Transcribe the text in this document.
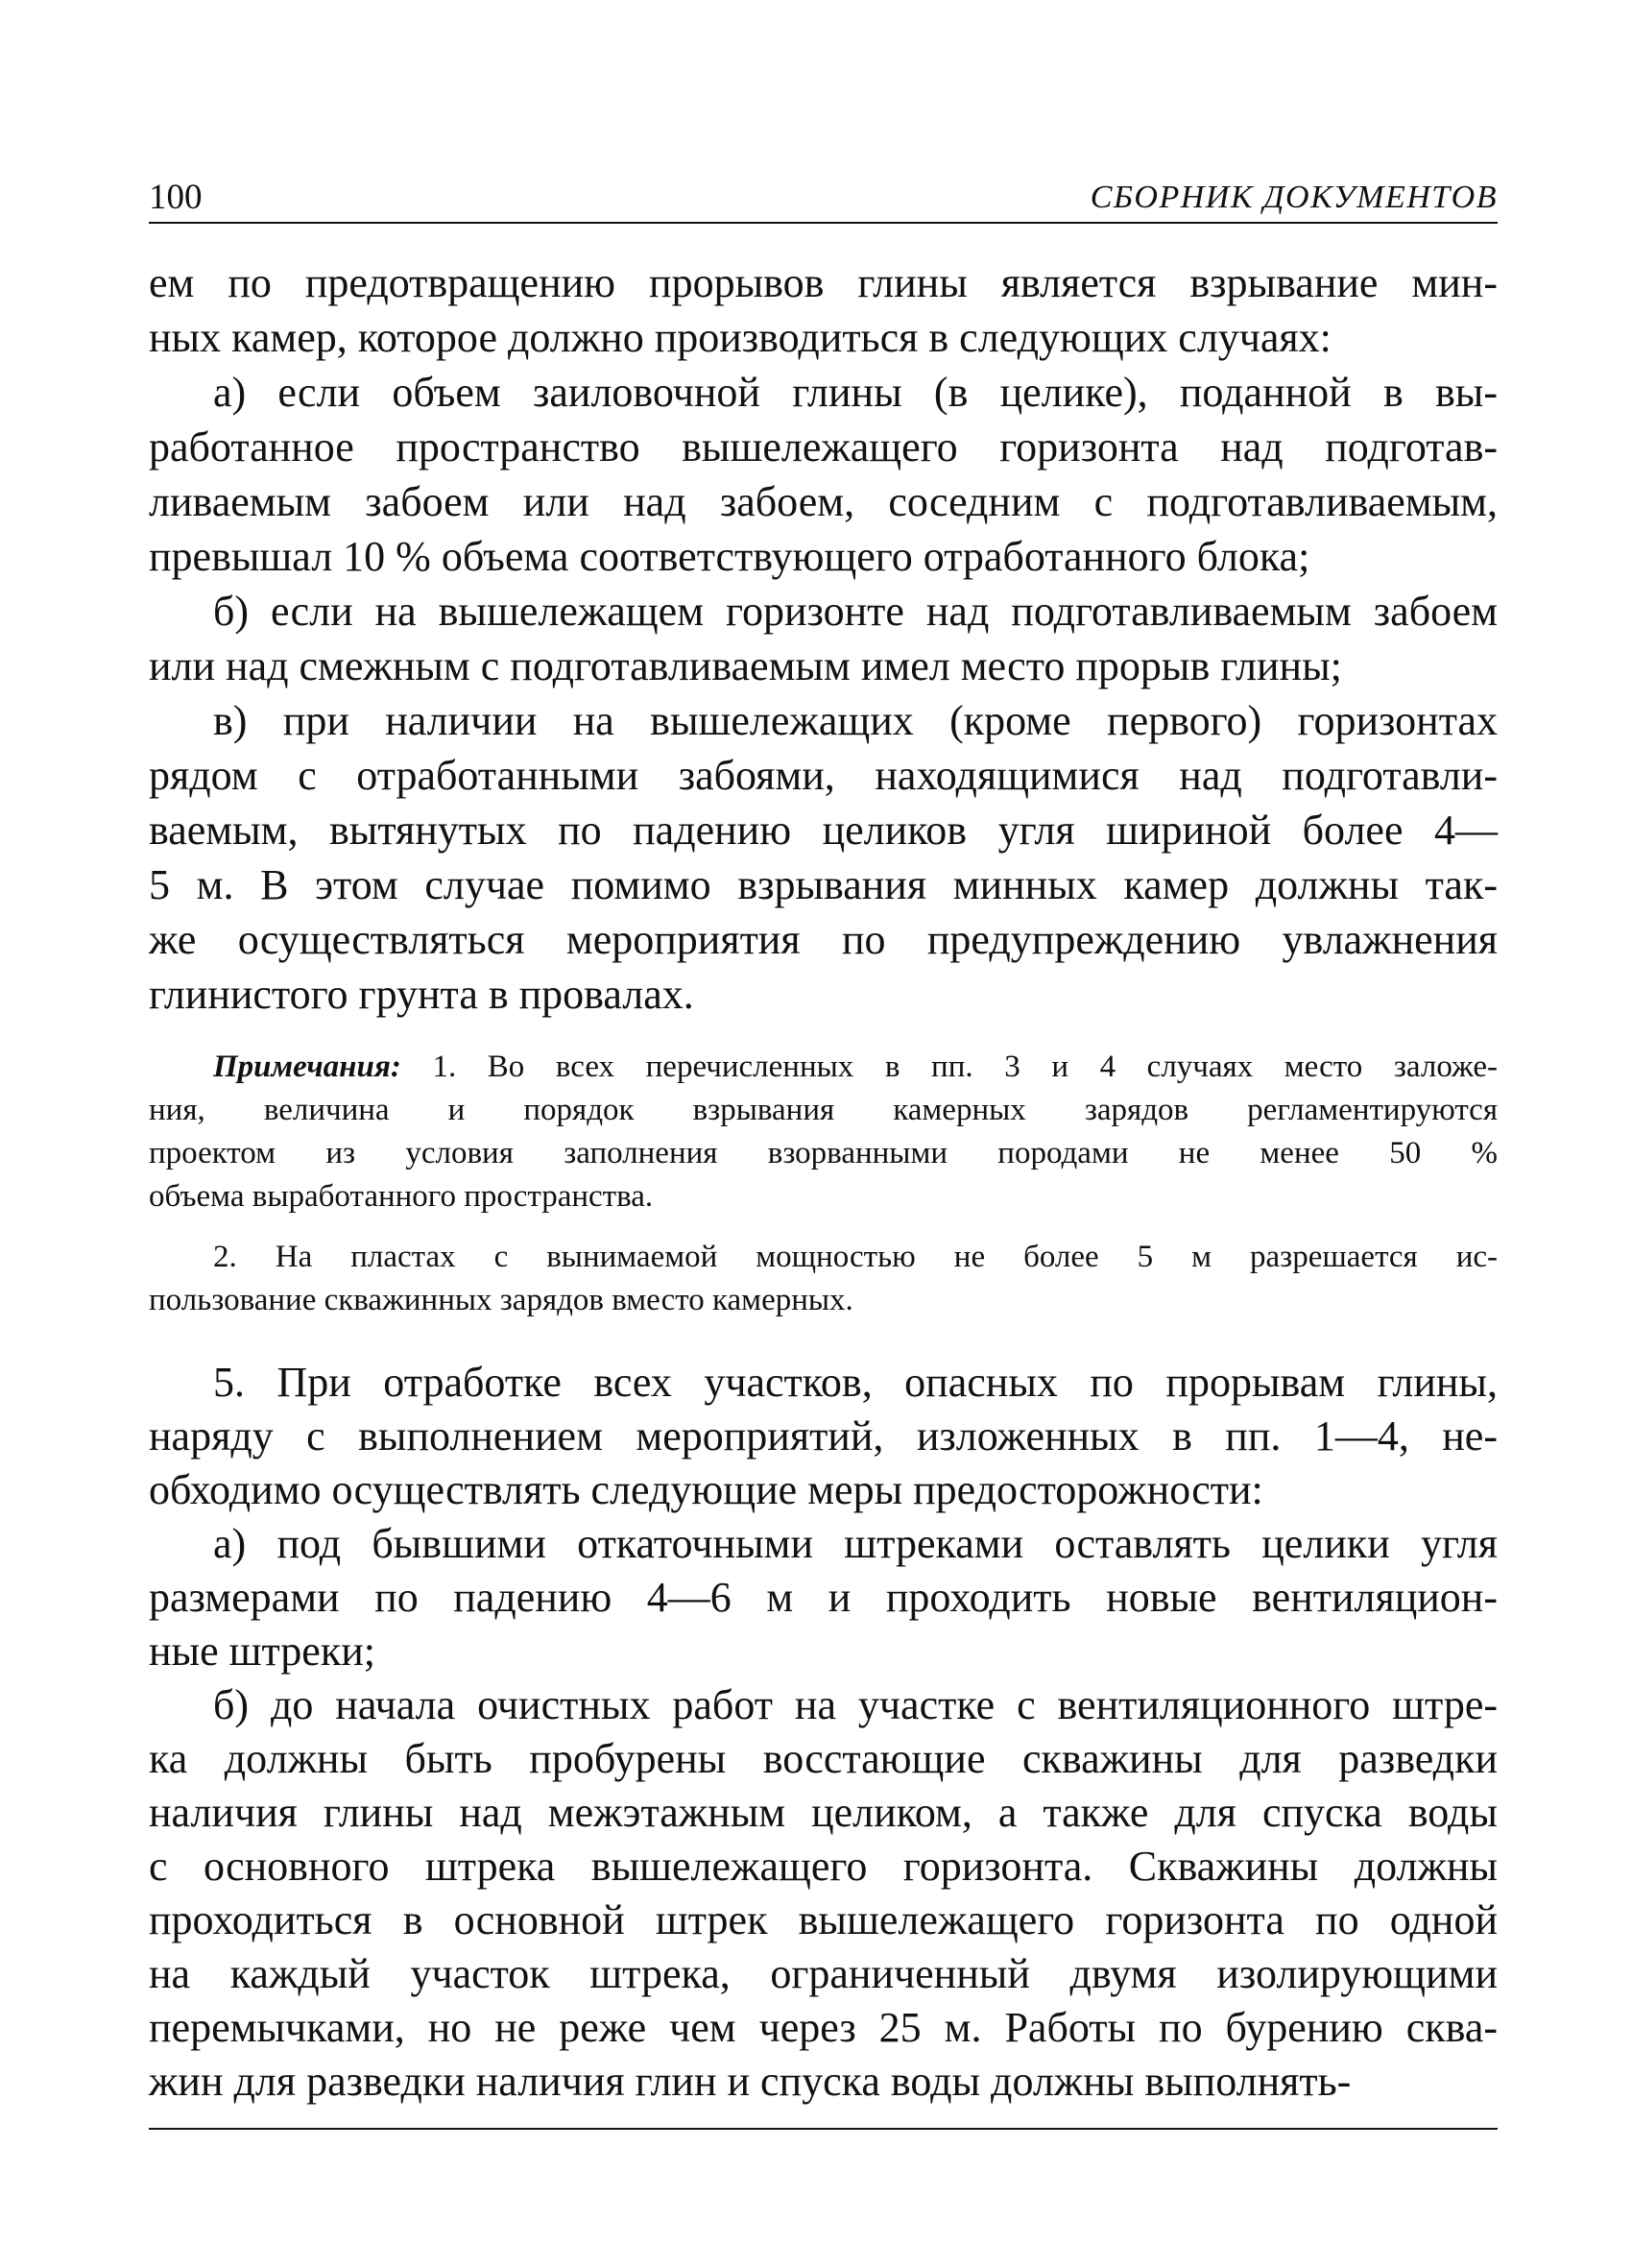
100	СБОРНИК ДОКУМЕНТОВ
ем по предотвращению прорывов глины является взрывание мин-
ных камер, которое должно производиться в следующих случаях:
а) если объем заиловочной глины (в целике), поданной в вы-
работанное пространство вышележащего горизонта над подготав-
ливаемым забоем или над забоем, соседним с подготавливаемым,
превышал 10 % объема соответствующего отработанного блока;
б) если на вышележащем горизонте над подготавливаемым забоем
или над смежным с подготавливаемым имел место прорыв глины;
в) при наличии на вышележащих (кроме первого) горизонтах
рядом с отработанными забоями, находящимися над подготавли-
ваемым, вытянутых по падению целиков угля шириной более 4—
5 м. В этом случае помимо взрывания минных камер должны так-
же осуществляться мероприятия по предупреждению увлажнения
глинистого грунта в провалах.
Примечания: 1. Во всех перечисленных в пп. 3 и 4 случаях место заложе-
ния, величина и порядок взрывания камерных зарядов регламентируются
проектом из условия заполнения взорванными породами не менее 50 %
объема выработанного пространства.
2. На пластах с вынимаемой мощностью не более 5 м разрешается ис-
пользование скважинных зарядов вместо камерных.
5. При отработке всех участков, опасных по прорывам глины,
наряду с выполнением мероприятий, изложенных в пп. 1—4, не-
обходимо осуществлять следующие меры предосторожности:
а) под бывшими откаточными штреками оставлять целики угля
размерами по падению 4—6 м и проходить новые вентиляцион-
ные штреки;
б) до начала очистных работ на участке с вентиляционного штре-
ка должны быть пробурены восстающие скважины для разведки
наличия глины над межэтажным целиком, а также для спуска воды
с основного штрека вышележащего горизонта. Скважины должны
проходиться в основной штрек вышележащего горизонта по одной
на каждый участок штрека, ограниченный двумя изолирующими
перемычками, но не реже чем через 25 м. Работы по бурению сква-
жин для разведки наличия глин и спуска воды должны выполнять-
